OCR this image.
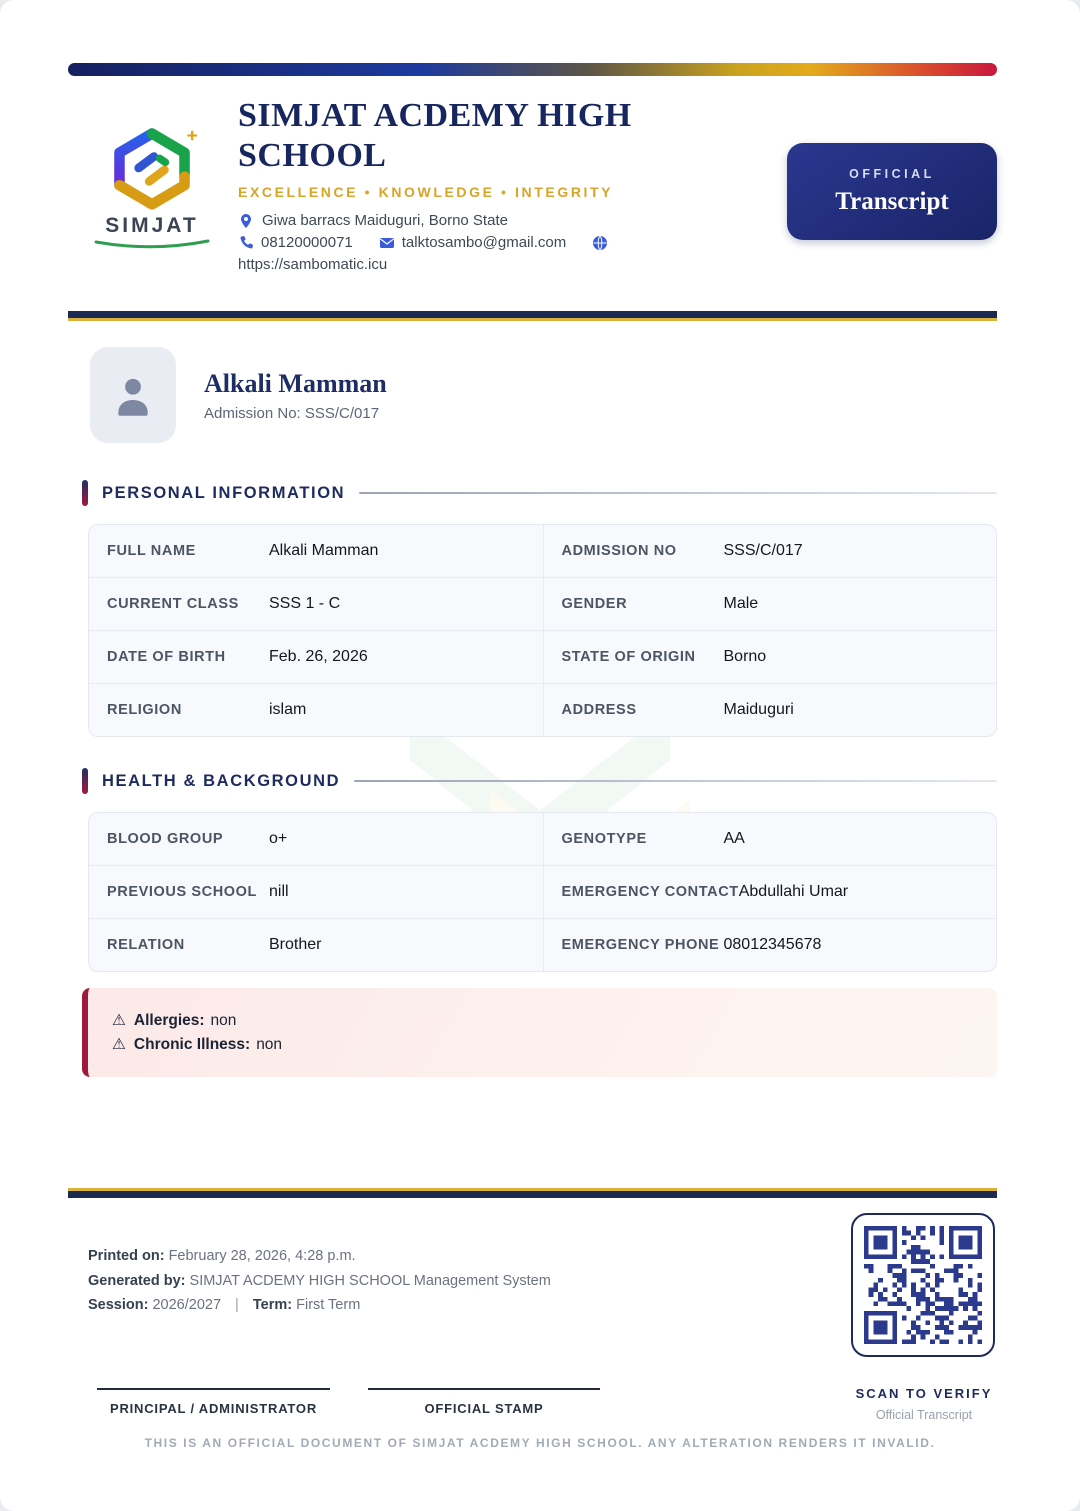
SIMJAT
SIMJAT ACDEMY HIGH SCHOOL
EXCELLENCE • KNOWLEDGE • INTEGRITY
Giwa barracs Maiduguri, Borno State
08120000071	talktosambo@gmail.com
https://sambomatic.icu
OFFICIAL
Transcript
Alkali Mamman
Admission No: SSS/C/017
PERSONAL INFORMATION
FULL NAME	Alkali Mamman	ADMISSION NO	SSS/C/017
CURRENT CLASS	SSS 1 - C	GENDER	Male
DATE OF BIRTH	Feb. 26, 2026	STATE OF ORIGIN	Borno
RELIGION	islam	ADDRESS	Maiduguri
HEALTH & BACKGROUND
BLOOD GROUP	o+	GENOTYPE	AA
PREVIOUS SCHOOL nill	EMERGENCY CONTACT Abdullahi Umar
RELATION	Brother	EMERGENCY PHONE 08012345678
⚠︎ Allergies: non
⚠︎ Chronic Illness: non
Printed on: February 28, 2026, 4:28 p.m.
Generated by: SIMJAT ACDEMY HIGH SCHOOL Management System
Session: 2026/2027 | Term: First Term
SCAN TO VERIFY
Official Transcript
PRINCIPAL / ADMINISTRATOR	OFFICIAL STAMP
THIS IS AN OFFICIAL DOCUMENT OF SIMJAT ACDEMY HIGH SCHOOL. ANY ALTERATION RENDERS IT INVALID.
